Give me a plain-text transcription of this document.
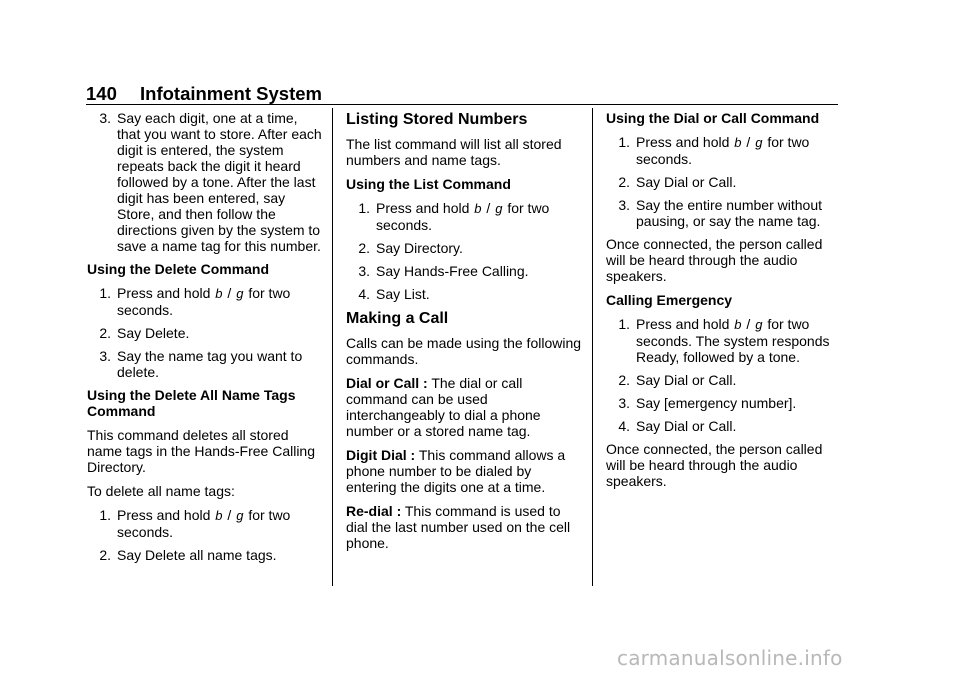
140 Infotainment System
3. Say each digit, one at a time, that you want to store. After each digit is entered, the system repeats back the digit it heard followed by a tone. After the last digit has been entered, say Store, and then follow the directions given by the system to save a name tag for this number.
Using the Delete Command
1. Press and hold b / g for two seconds.
2. Say Delete.
3. Say the name tag you want to delete.
Using the Delete All Name Tags Command
This command deletes all stored name tags in the Hands-Free Calling Directory.
To delete all name tags:
1. Press and hold b / g for two seconds.
2. Say Delete all name tags.
Listing Stored Numbers
The list command will list all stored numbers and name tags.
Using the List Command
1. Press and hold b / g for two seconds.
2. Say Directory.
3. Say Hands-Free Calling.
4. Say List.
Making a Call
Calls can be made using the following commands.
Dial or Call : The dial or call command can be used interchangeably to dial a phone number or a stored name tag.
Digit Dial : This command allows a phone number to be dialed by entering the digits one at a time.
Re-dial : This command is used to dial the last number used on the cell phone.
Using the Dial or Call Command
1. Press and hold b / g for two seconds.
2. Say Dial or Call.
3. Say the entire number without pausing, or say the name tag.
Once connected, the person called will be heard through the audio speakers.
Calling Emergency
1. Press and hold b / g for two seconds. The system responds Ready, followed by a tone.
2. Say Dial or Call.
3. Say [emergency number].
4. Say Dial or Call.
Once connected, the person called will be heard through the audio speakers.
carmanualsonline.info
